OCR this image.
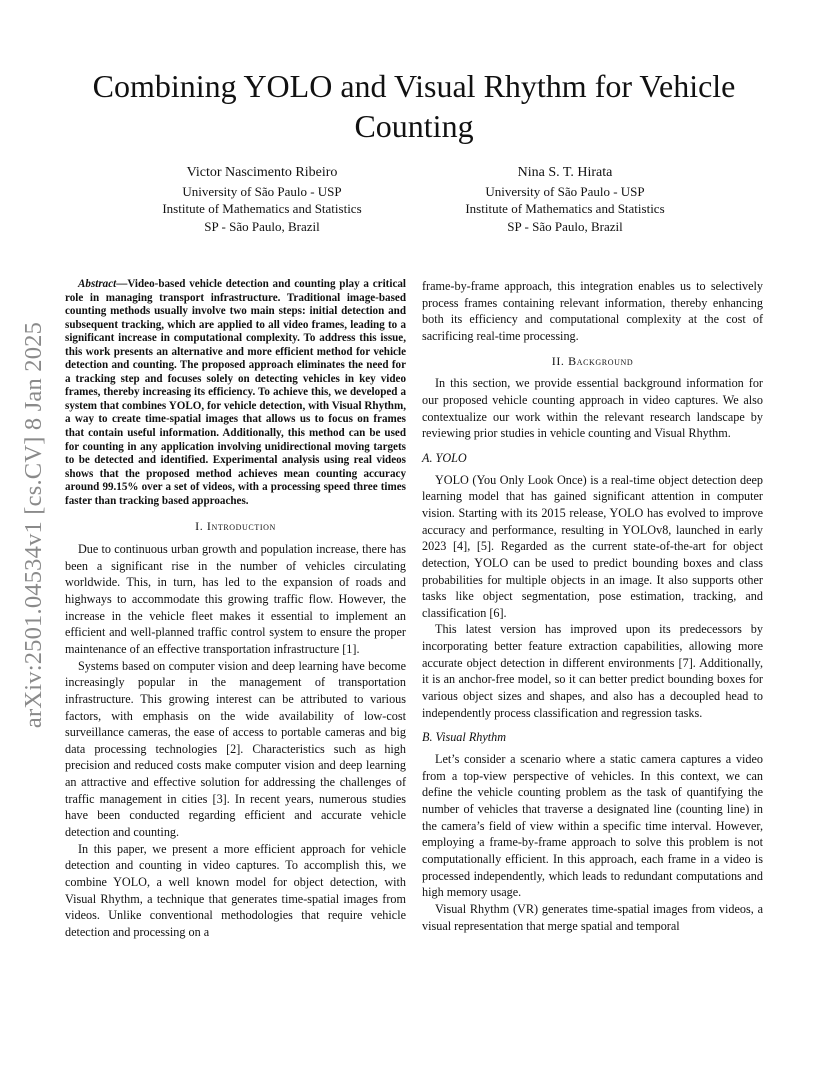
arXiv:2501.04534v1 [cs.CV] 8 Jan 2025
Combining YOLO and Visual Rhythm for Vehicle Counting
Victor Nascimento Ribeiro
University of São Paulo - USP
Institute of Mathematics and Statistics
SP - São Paulo, Brazil
Nina S. T. Hirata
University of São Paulo - USP
Institute of Mathematics and Statistics
SP - São Paulo, Brazil

Abstract—Video-based vehicle detection and counting play a critical role in managing transport infrastructure. Traditional image-based counting methods usually involve two main steps: initial detection and subsequent tracking, which are applied to all video frames, leading to a significant increase in computational complexity. To address this issue, this work presents an alternative and more efficient method for vehicle detection and counting. The proposed approach eliminates the need for a tracking step and focuses solely on detecting vehicles in key video frames, thereby increasing its efficiency. To achieve this, we developed a system that combines YOLO, for vehicle detection, with Visual Rhythm, a way to create time-spatial images that allows us to focus on frames that contain useful information. Additionally, this method can be used for counting in any application involving unidirectional moving targets to be detected and identified. Experimental analysis using real videos shows that the proposed method achieves mean counting accuracy around 99.15% over a set of videos, with a processing speed three times faster than tracking based approaches.

I. Introduction

Due to continuous urban growth and population increase, there has been a significant rise in the number of vehicles circulating worldwide. This, in turn, has led to the expansion of roads and highways to accommodate this growing traffic flow. However, the increase in the vehicle fleet makes it essential to implement an efficient and well-planned traffic control system to ensure the proper maintenance of an effective transportation infrastructure [1].

Systems based on computer vision and deep learning have become increasingly popular in the management of transportation infrastructure. This growing interest can be attributed to various factors, with emphasis on the wide availability of low-cost surveillance cameras, the ease of access to portable cameras and big data processing technologies [2]. Characteristics such as high precision and reduced costs make computer vision and deep learning an attractive and effective solution for addressing the challenges of traffic management in cities [3]. In recent years, numerous studies have been conducted regarding efficient and accurate vehicle detection and counting.

In this paper, we present a more efficient approach for vehicle detection and counting in video captures. To accomplish this, we combine YOLO, a well known model for object detection, with Visual Rhythm, a technique that generates time-spatial images from videos. Unlike conventional methodologies that require vehicle detection and processing on a

frame-by-frame approach, this integration enables us to selectively process frames containing relevant information, thereby enhancing both its efficiency and computational complexity at the cost of sacrificing real-time processing.

II. Background

In this section, we provide essential background information for our proposed vehicle counting approach in video captures. We also contextualize our work within the relevant research landscape by reviewing prior studies in vehicle counting and Visual Rhythm.

A. YOLO

YOLO (You Only Look Once) is a real-time object detection deep learning model that has gained significant attention in computer vision. Starting with its 2015 release, YOLO has evolved to improve accuracy and performance, resulting in YOLOv8, launched in early 2023 [4], [5]. Regarded as the current state-of-the-art for object detection, YOLO can be used to predict bounding boxes and class probabilities for multiple objects in an image. It also supports other tasks like object segmentation, pose estimation, tracking, and classification [6].

This latest version has improved upon its predecessors by incorporating better feature extraction capabilities, allowing more accurate object detection in different environments [7]. Additionally, it is an anchor-free model, so it can better predict bounding boxes for various object sizes and shapes, and also has a decoupled head to independently process classification and regression tasks.

B. Visual Rhythm

Let’s consider a scenario where a static camera captures a video from a top-view perspective of vehicles. In this context, we can define the vehicle counting problem as the task of quantifying the number of vehicles that traverse a designated line (counting line) in the camera’s field of view within a specific time interval. However, employing a frame-by-frame approach to solve this problem is not computationally efficient. In this approach, each frame in a video is processed independently, which leads to redundant computations and high memory usage.

Visual Rhythm (VR) generates time-spatial images from videos, a visual representation that merge spatial and temporal
